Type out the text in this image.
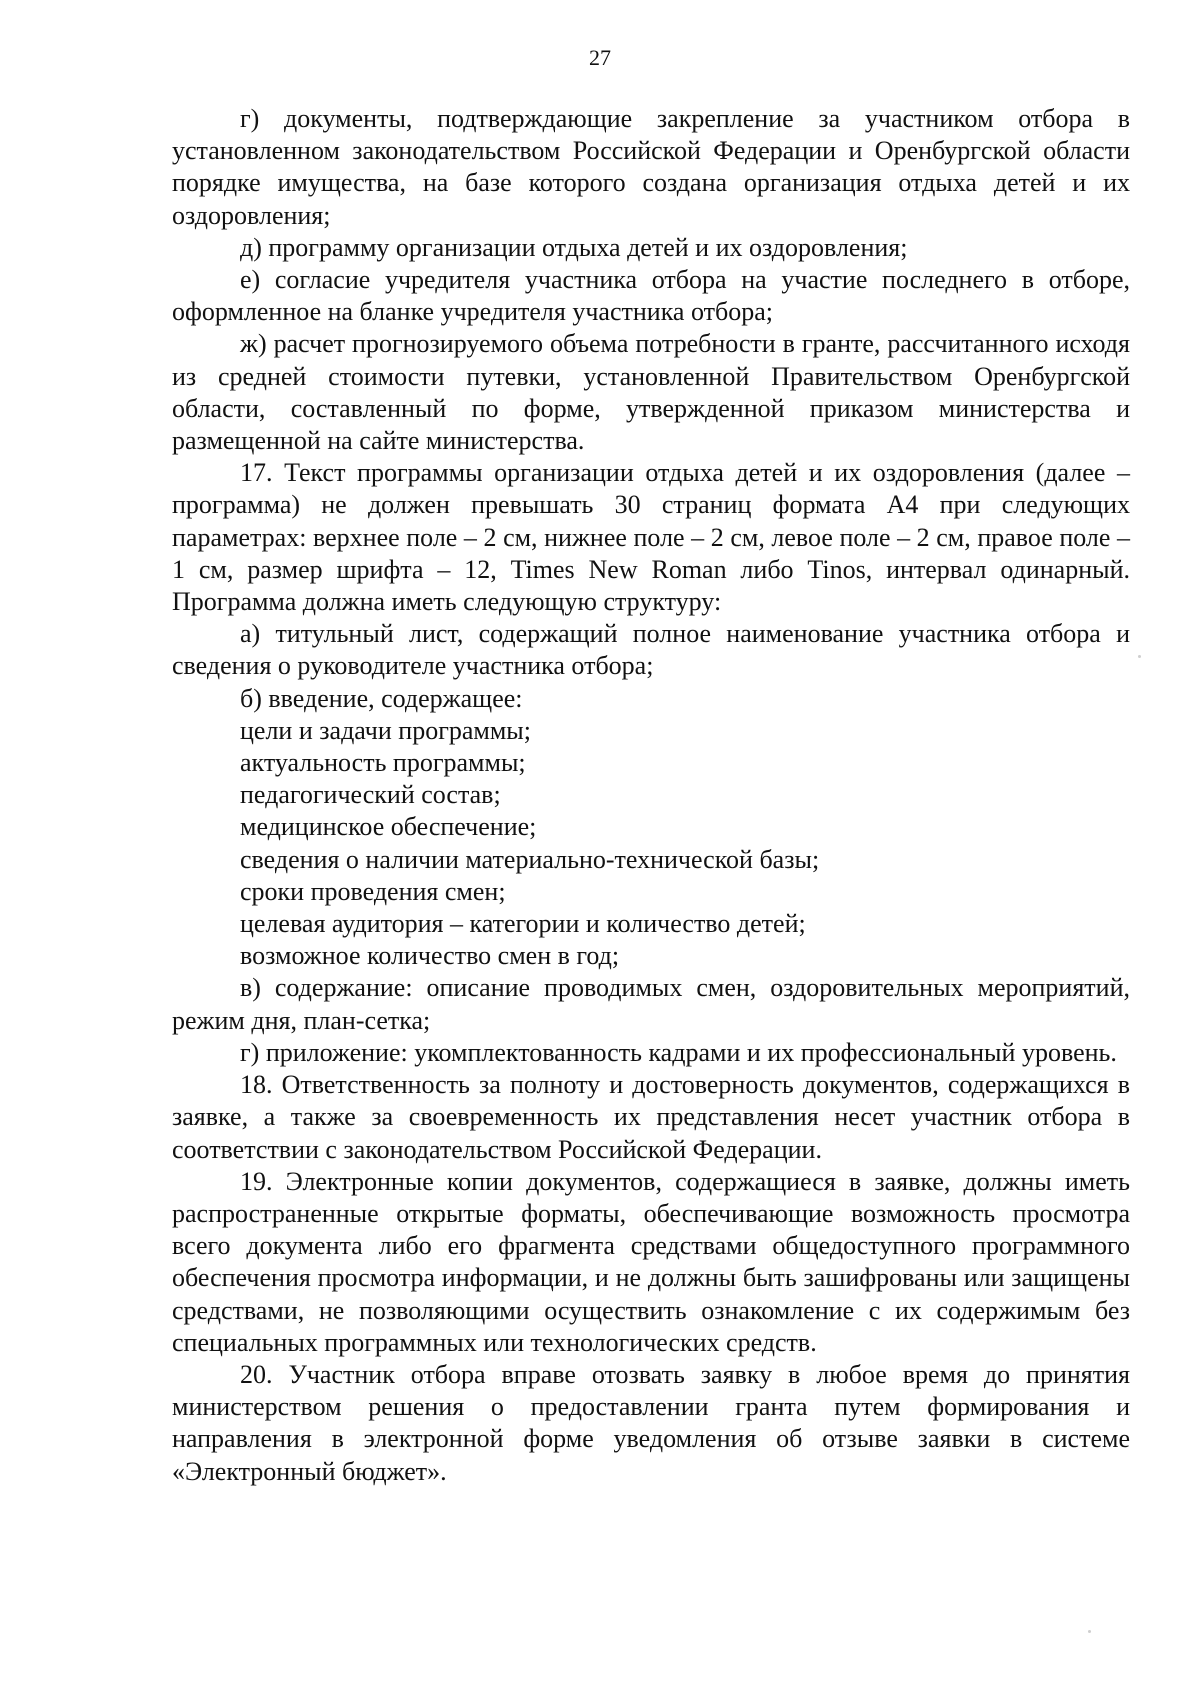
27

г) документы, подтверждающие закрепление за участником отбора в установленном законодательством Российской Федерации и Оренбургской области порядке имущества, на базе которого создана организация отдыха детей и их оздоровления;

д) программу организации отдыха детей и их оздоровления;

е) согласие учредителя участника отбора на участие последнего в отборе, оформленное на бланке учредителя участника отбора;

ж) расчет прогнозируемого объема потребности в гранте, рассчитанного исходя из средней стоимости путевки, установленной Правительством Оренбургской области, составленный по форме, утвержденной приказом министерства и размещенной на сайте министерства.

17. Текст программы организации отдыха детей и их оздоровления (далее – программа) не должен превышать 30 страниц формата А4 при следующих параметрах: верхнее поле – 2 см, нижнее поле – 2 см, левое поле – 2 см, правое поле – 1 см, размер шрифта – 12, Times New Roman либо Tinos, интервал одинарный. Программа должна иметь следующую структуру:

а) титульный лист, содержащий полное наименование участника отбора и сведения о руководителе участника отбора;

б) введение, содержащее:

цели и задачи программы;

актуальность программы;

педагогический состав;

медицинское обеспечение;

сведения о наличии материально-технической базы;

сроки проведения смен;

целевая аудитория – категории и количество детей;

возможное количество смен в год;

в) содержание: описание проводимых смен, оздоровительных мероприятий, режим дня, план-сетка;

г) приложение: укомплектованность кадрами и их профессиональный уровень.

18. Ответственность за полноту и достоверность документов, содержащихся в заявке, а также за своевременность их представления несет участник отбора в соответствии с законодательством Российской Федерации.

19. Электронные копии документов, содержащиеся в заявке, должны иметь распространенные открытые форматы, обеспечивающие возможность просмотра всего документа либо его фрагмента средствами общедоступного программного обеспечения просмотра информации, и не должны быть зашифрованы или защищены средствами, не позволяющими осуществить ознакомление с их содержимым без специальных программных или технологических средств.

20. Участник отбора вправе отозвать заявку в любое время до принятия министерством решения о предоставлении гранта путем формирования и направления в электронной форме уведомления об отзыве заявки в системе «Электронный бюджет».
